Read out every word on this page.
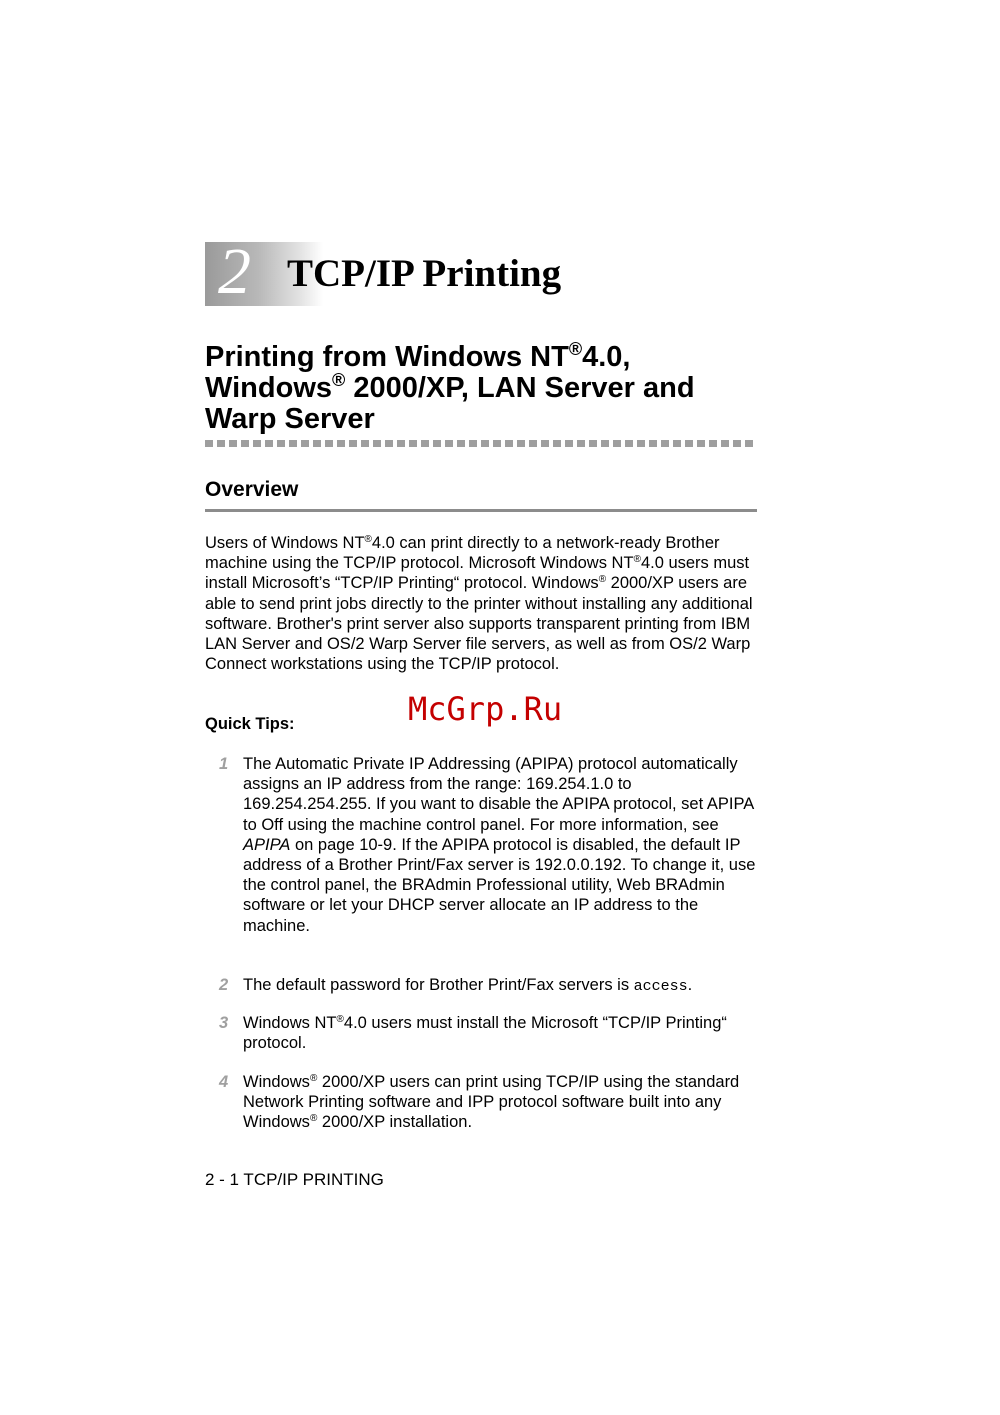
2 TCP/IP Printing
Printing from Windows NT®4.0,
Windows® 2000/XP, LAN Server and
Warp Server
Overview
Users of Windows NT®4.0 can print directly to a network-ready Brother machine using the TCP/IP protocol. Microsoft Windows NT®4.0 users must install Microsoft’s “TCP/IP Printing“ protocol. Windows® 2000/XP users are able to send print jobs directly to the printer without installing any additional software. Brother's print server also supports transparent printing from IBM LAN Server and OS/2 Warp Server file servers, as well as from OS/2 Warp Connect workstations using the TCP/IP protocol.
Quick Tips:
1 The Automatic Private IP Addressing (APIPA) protocol automatically assigns an IP address from the range: 169.254.1.0 to 169.254.254.255. If you want to disable the APIPA protocol, set APIPA to Off using the machine control panel. For more information, see APIPA on page 10-9. If the APIPA protocol is disabled, the default IP address of a Brother Print/Fax server is 192.0.0.192. To change it, use the control panel, the BRAdmin Professional utility, Web BRAdmin software or let your DHCP server allocate an IP address to the machine.
2 The default password for Brother Print/Fax servers is access.
3 Windows NT®4.0 users must install the Microsoft “TCP/IP Printing“ protocol.
4 Windows® 2000/XP users can print using TCP/IP using the standard Network Printing software and IPP protocol software built into any Windows® 2000/XP installation.
2 - 1 TCP/IP PRINTING
McGrp.Ru
